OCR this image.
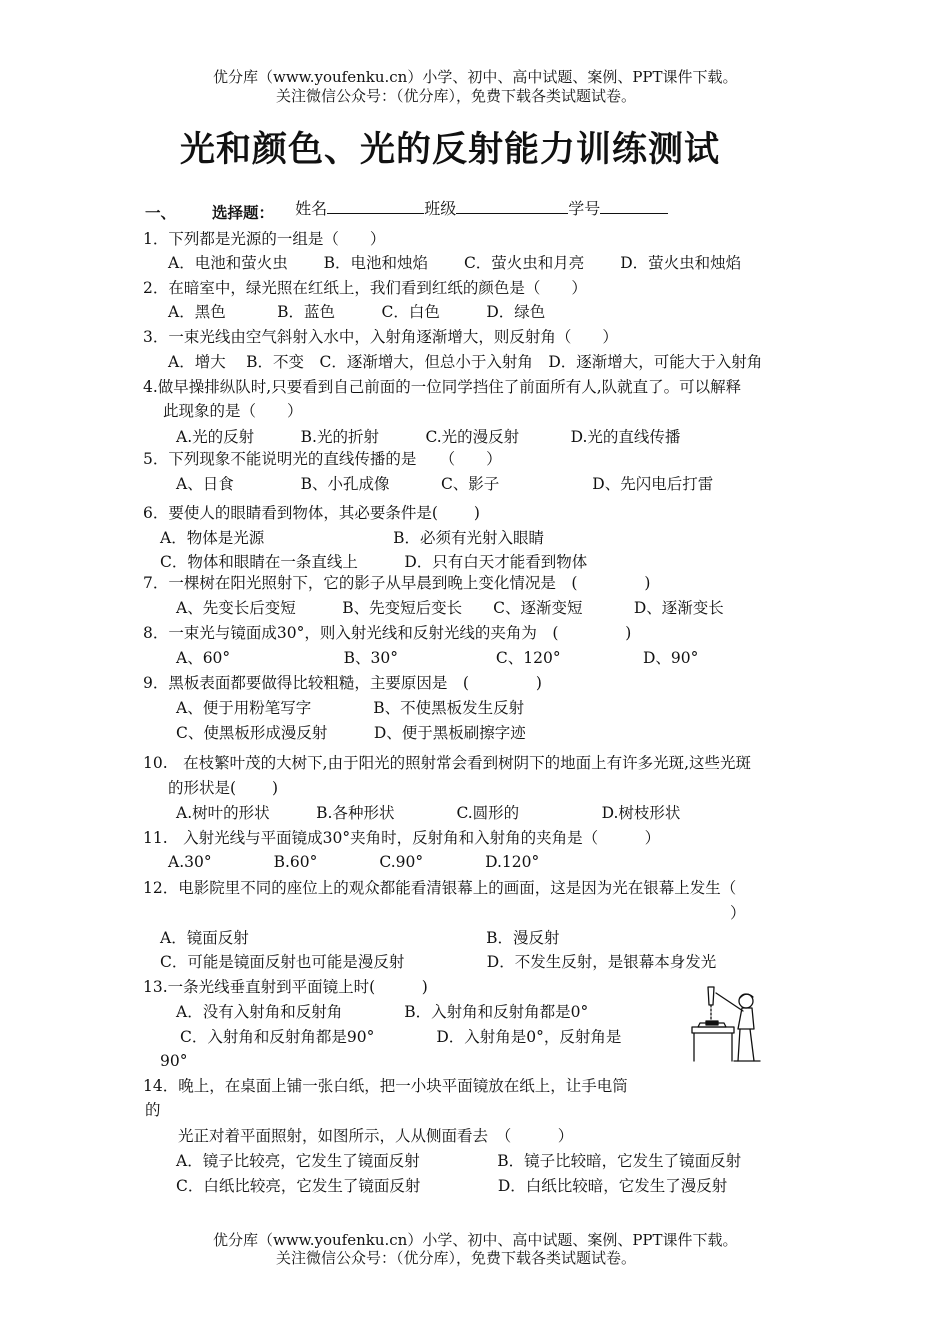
优分库（www.youfenku.cn）小学、初中、高中试题、案例、PPT课件下载。
关注微信公众号：（优分库），免费下载各类试题试卷。
光和颜色、光的反射能力训练测试

姓名	班级	学号

一、 选择题：
1．下列都是光源的一组是（　　）
A．电池和萤火虫　　 B．电池和烛焰　　 C．萤火虫和月亮　　 D．萤火虫和烛焰
2．在暗室中，绿光照在红纸上，我们看到红纸的颜色是（　　）
A．黑色　　　 B．蓝色　　　C．白色　　　D．绿色
3．一束光线由空气斜射入水中，入射角逐渐增大，则反射角（　　）
A．增大　 B．不变　C．逐渐增大，但总小于入射角　D．逐渐增大，可能大于入射角
4.做早操排纵队时,只要看到自己前面的一位同学挡住了前面所有人,队就直了。可以解释
此现象的是（　　）
A.光的反射　　　B.光的折射　　　C.光的漫反射　　　 D.光的直线传播
5．下列现象不能说明光的直线传播的是　　（　　）
A、日食　　　　 B、小孔成像　　　 C、影子　　　　　　D、先闪电后打雷
6．要使人的眼睛看到物体，其必要条件是(　　 )
A．物体是光源　　　　　　　　 B．必须有光射入眼睛
C．物体和眼睛在一条直线上　　　D．只有白天才能看到物体
7．一棵树在阳光照射下，它的影子从早晨到晚上变化情况是　(　　　　 )
A、先变长后变短　　　B、先变短后变长　　C、逐渐变短　　　 D、逐渐变长
8．一束光与镜面成30°，则入射光线和反射光线的夹角为　(　　　　 )
A、60°　　　　　　　 B、30°　　　　　　 C、120°　　　　　 D、90°
9．黑板表面都要做得比较粗糙，主要原因是　(　　　　 )
A、便于用粉笔写字　　　　B、不使黑板发生反射
C、使黑板形成漫反射　　　D、便于黑板刷擦字迹
10.　在枝繁叶茂的大树下,由于阳光的照射常会看到树阴下的地面上有许多光斑,这些光斑
的形状是(　　 )
A.树叶的形状　　　B.各种形状　　　　C.圆形的　　　　　 D.树枝形状
11.　入射光线与平面镜成30°夹角时，反射角和入射角的夹角是（　　　）
A.30°　　　　B.60°　　　　C.90°　　　　D.120°
12．电影院里不同的座位上的观众都能看清银幕上的画面，这是因为光在银幕上发生（
）
A．镜面反射　　　　　　　　　　　　　　　 B．漫反射
C．可能是镜面反射也可能是漫反射　　　　　 D．不发生反射，是银幕本身发光
13.一条光线垂直射到平面镜上时(　　　)
A．没有入射角和反射角　　　　B．入射角和反射角都是0°
C．入射角和反射角都是90°　　　　D．入射角是0°，反射角是
90°
14．晚上，在桌面上铺一张白纸，把一小块平面镜放在纸上，让手电筒
的
光正对着平面照射，如图所示，人从侧面看去　（　　　）
A．镜子比较亮，它发生了镜面反射　　　　　B．镜子比较暗，它发生了镜面反射
C．白纸比较亮，它发生了镜面反射　　　　　D．白纸比较暗，它发生了漫反射
优分库（www.youfenku.cn）小学、初中、高中试题、案例、PPT课件下载。
关注微信公众号：（优分库），免费下载各类试题试卷。
